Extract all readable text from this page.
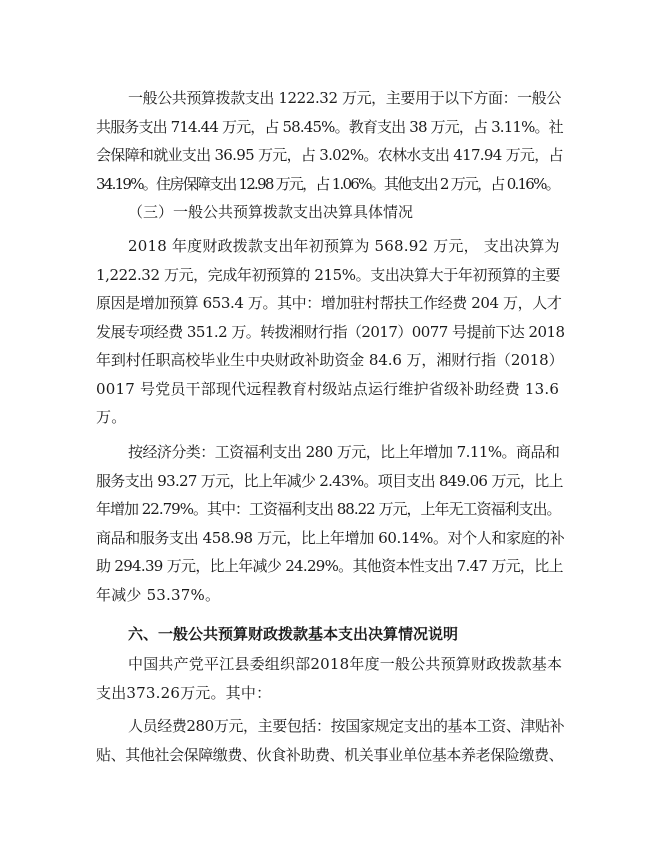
一般公共预算拨款支出 1222.32 万元，主要用于以下方面：一般公
共服务支出 714.44 万元，占 58.45%。教育支出 38 万元，占 3.11%。社
会保障和就业支出 36.95 万元，占 3.02%。农林水支出 417.94 万元，占
34.19%。住房保障支出 12.98 万元，占 1.06%。其他支出 2 万元，占 0.16%。
（三）一般公共预算拨款支出决算具体情况
2018 年度财政拨款支出年初预算为 568.92 万元， 支出决算为
1,222.32 万元，完成年初预算的 215%。支出决算大于年初预算的主要
原因是增加预算 653.4 万。其中：增加驻村帮扶工作经费 204 万，人才
发展专项经费 351.2 万。转拨湘财行指（2017）0077 号提前下达 2018
年到村任职高校毕业生中央财政补助资金 84.6 万，湘财行指（2018）
0017 号党员干部现代远程教育村级站点运行维护省级补助经费 13.6
万。
按经济分类：工资福利支出 280 万元，比上年增加 7.11%。商品和
服务支出 93.27 万元，比上年减少 2.43%。项目支出 849.06 万元，比上
年增加 22.79%。其中：工资福利支出 88.22 万元，上年无工资福利支出。
商品和服务支出 458.98 万元，比上年增加 60.14%。对个人和家庭的补
助 294.39 万元，比上年减少 24.29%。其他资本性支出 7.47 万元，比上
年减少 53.37%。
六、一般公共预算财政拨款基本支出决算情况说明
中国共产党平江县委组织部2018年度一般公共预算财政拨款基本
支出373.26万元。其中：
人员经费280万元，主要包括：按国家规定支出的基本工资、津贴补
贴、其他社会保障缴费、伙食补助费、机关事业单位基本养老保险缴费、
